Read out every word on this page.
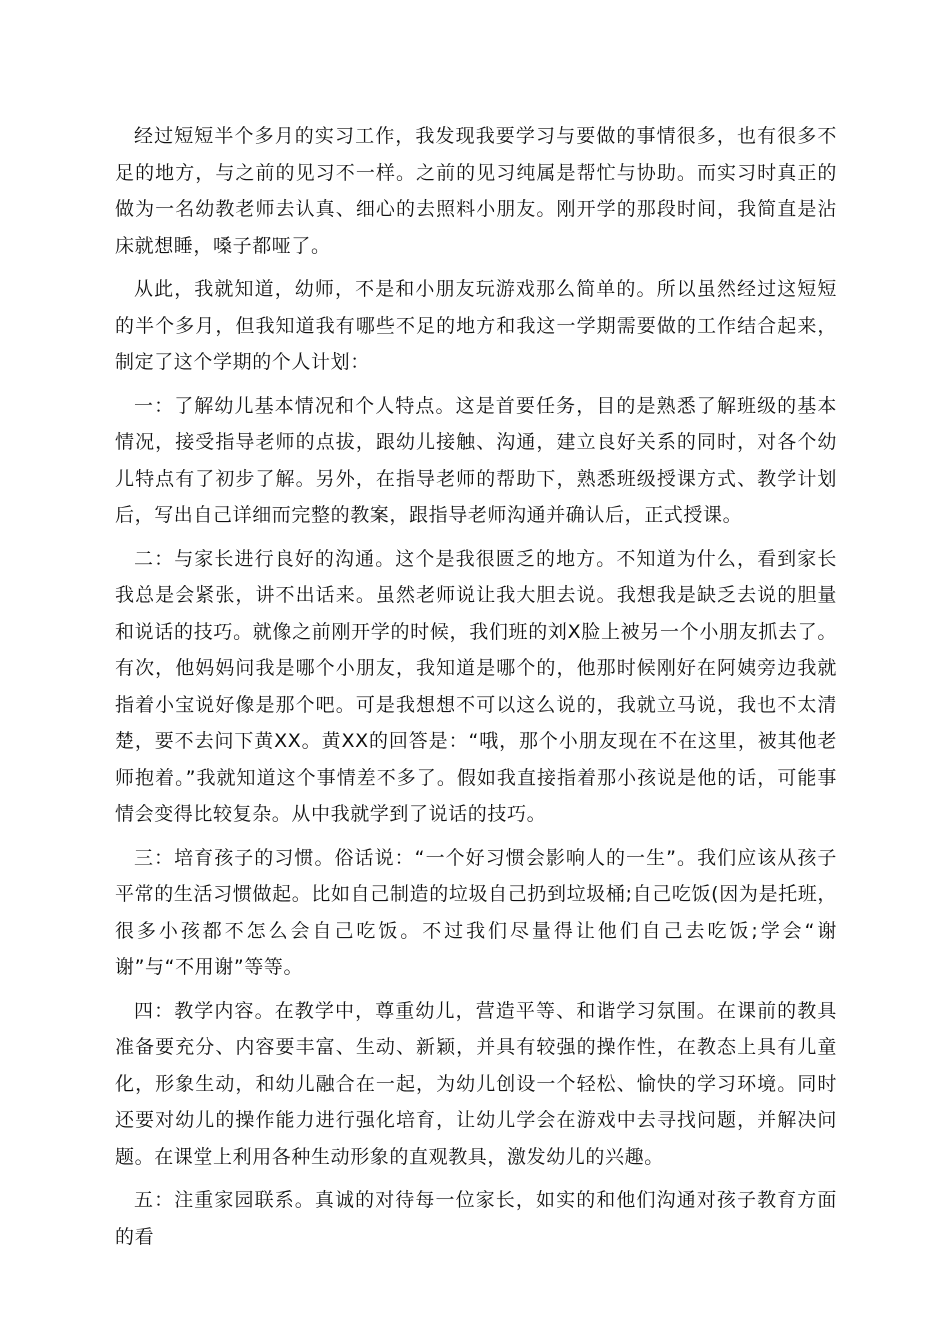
经过短短半个多月的实习工作，我发现我要学习与要做的事情很多，也有很多不足的地方，与之前的见习不一样。之前的见习纯属是帮忙与协助。而实习时真正的做为一名幼教老师去认真、细心的去照料小朋友。刚开学的那段时间，我简直是沾床就想睡，嗓子都哑了。

从此，我就知道，幼师，不是和小朋友玩游戏那么简单的。所以虽然经过这短短的半个多月，但我知道我有哪些不足的地方和我这一学期需要做的工作结合起来，制定了这个学期的个人计划：

一：了解幼儿基本情况和个人特点。这是首要任务，目的是熟悉了解班级的基本情况，接受指导老师的点拔，跟幼儿接触、沟通，建立良好关系的同时，对各个幼儿特点有了初步了解。另外，在指导老师的帮助下，熟悉班级授课方式、教学计划后，写出自己详细而完整的教案，跟指导老师沟通并确认后，正式授课。

二：与家长进行良好的沟通。这个是我很匮乏的地方。不知道为什么，看到家长我总是会紧张，讲不出话来。虽然老师说让我大胆去说。我想我是缺乏去说的胆量和说话的技巧。就像之前刚开学的时候，我们班的刘X脸上被另一个小朋友抓去了。有次，他妈妈问我是哪个小朋友，我知道是哪个的，他那时候刚好在阿姨旁边我就指着小宝说好像是那个吧。可是我想想不可以这么说的，我就立马说，我也不太清楚，要不去问下黄XX。黄XX的回答是：“哦，那个小朋友现在不在这里，被其他老师抱着。”我就知道这个事情差不多了。假如我直接指着那小孩说是他的话，可能事情会变得比较复杂。从中我就学到了说话的技巧。

三：培育孩子的习惯。俗话说：“一个好习惯会影响人的一生”。我们应该从孩子平常的生活习惯做起。比如自己制造的垃圾自己扔到垃圾桶;自己吃饭(因为是托班，很多小孩都不怎么会自己吃饭。不过我们尽量得让他们自己去吃饭;学会“谢谢”与“不用谢”等等。

四：教学内容。在教学中，尊重幼儿，营造平等、和谐学习氛围。在课前的教具准备要充分、内容要丰富、生动、新颖，并具有较强的操作性，在教态上具有儿童化，形象生动，和幼儿融合在一起，为幼儿创设一个轻松、愉快的学习环境。同时还要对幼儿的操作能力进行强化培育，让幼儿学会在游戏中去寻找问题，并解决问题。在课堂上利用各种生动形象的直观教具，激发幼儿的兴趣。

五：注重家园联系。真诚的对待每一位家长，如实的和他们沟通对孩子教育方面的看
